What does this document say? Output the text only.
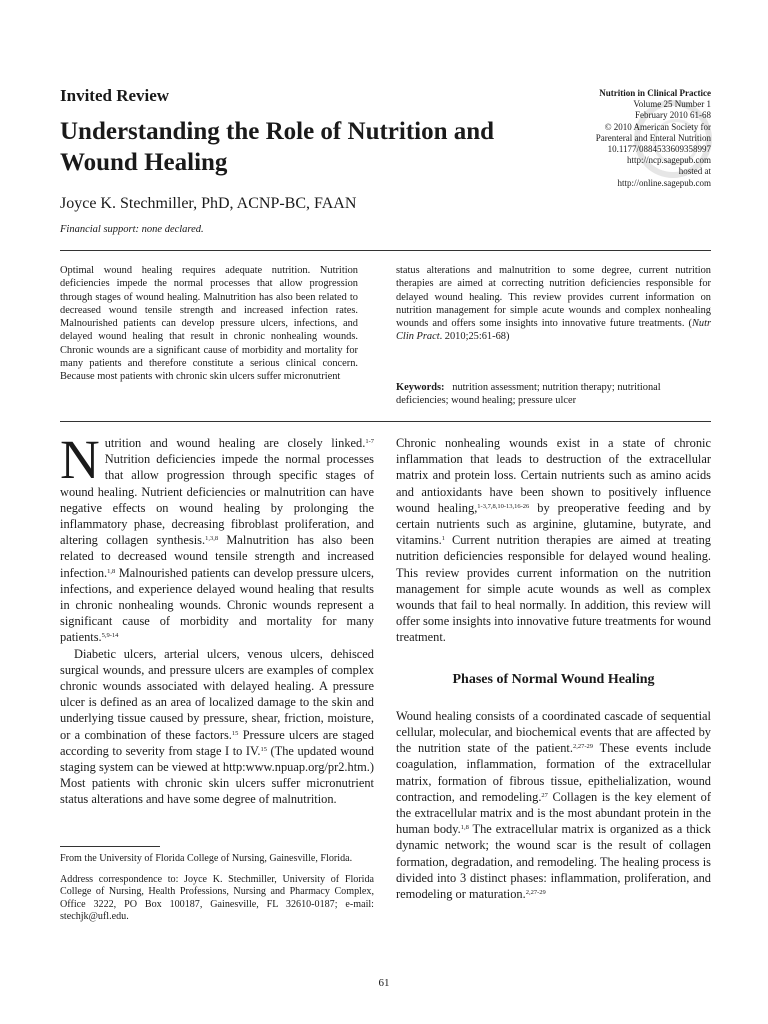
Invited Review
Understanding the Role of Nutrition and Wound Healing
Joyce K. Stechmiller, PhD, ACNP-BC, FAAN
Financial support: none declared.
Nutrition in Clinical Practice
Volume 25 Number 1
February 2010 61-68
© 2010 American Society for
Parenteral and Enteral Nutrition
10.1177/0884533609358997
http://ncp.sagepub.com
hosted at
http://online.sagepub.com
Optimal wound healing requires adequate nutrition. Nutrition deficiencies impede the normal processes that allow progression through stages of wound healing. Malnutrition has also been related to decreased wound tensile strength and increased infection rates. Malnourished patients can develop pressure ulcers, infections, and delayed wound healing that result in chronic nonhealing wounds. Chronic wounds are a significant cause of morbidity and mortality for many patients and therefore constitute a serious clinical concern. Because most patients with chronic skin ulcers suffer micronutrient
status alterations and malnutrition to some degree, current nutrition therapies are aimed at correcting nutrition deficiencies responsible for delayed wound healing. This review provides current information on nutrition management for simple acute wounds and complex nonhealing wounds and offers some insights into innovative future treatments. (Nutr Clin Pract. 2010;25:61-68)
Keywords: nutrition assessment; nutrition therapy; nutritional deficiencies; wound healing; pressure ulcer

Nutrition and wound healing are closely linked.$^{1-7}$ Nutrition deficiencies impede the normal processes that allow progression through specific stages of wound healing. Nutrient deficiencies or malnutrition can have negative effects on wound healing by prolonging the inflammatory phase, decreasing fibroblast proliferation, and altering collagen synthesis.$^{1,3,8}$ Malnutrition has also been related to decreased wound tensile strength and increased infection.$^{1,8}$ Malnourished patients can develop pressure ulcers, infections, and experience delayed wound healing that results in chronic nonhealing wounds. Chronic wounds represent a significant cause of morbidity and mortality for many patients.$^{5,9-14}$

Diabetic ulcers, arterial ulcers, venous ulcers, dehisced surgical wounds, and pressure ulcers are examples of complex chronic wounds associated with delayed healing. A pressure ulcer is defined as an area of localized damage to the skin and underlying tissue caused by pressure, shear, friction, moisture, or a combination of these factors.$^{15}$ Pressure ulcers are staged according to severity from stage I to IV.$^{15}$ (The updated wound staging system can be viewed at http:www.npuap.org/pr2.htm.) Most patients with chronic skin ulcers suffer micronutrient status alterations and have some degree of malnutrition.

Chronic nonhealing wounds exist in a state of chronic inflammation that leads to destruction of the extracellular matrix and protein loss. Certain nutrients such as amino acids and antioxidants have been shown to positively influence wound healing,$^{1-3,7,8,10-13,16-26}$ by preoperative feeding and by certain nutrients such as arginine, glutamine, butyrate, and vitamins.$^1$ Current nutrition therapies are aimed at treating nutrition deficiencies responsible for delayed wound healing. This review provides current information on the nutrition management for simple acute wounds as well as complex wounds that fail to heal normally. In addition, this review will offer some insights into innovative future treatments for wound treatment.

Phases of Normal Wound Healing

Wound healing consists of a coordinated cascade of sequential cellular, molecular, and biochemical events that are affected by the nutrition state of the patient.$^{2,27-29}$ These events include coagulation, inflammation, formation of the extracellular matrix, formation of fibrous tissue, epithelialization, wound contraction, and remodeling.$^{27}$ Collagen is the key element of the extracellular matrix and is the most abundant protein in the human body.$^{1,8}$ The extracellular matrix is organized as a thick dynamic network; the wound scar is the result of collagen formation, degradation, and remodeling. The healing process is divided into 3 distinct phases: inflammation, proliferation, and remodeling or maturation.$^{2,27-29}$

From the University of Florida College of Nursing, Gainesville, Florida.

Address correspondence to: Joyce K. Stechmiller, University of Florida College of Nursing, Health Professions, Nursing and Pharmacy Complex, Office 3222, PO Box 100187, Gainesville, FL 32610-0187; e-mail: stechjk@ufl.edu.

61
